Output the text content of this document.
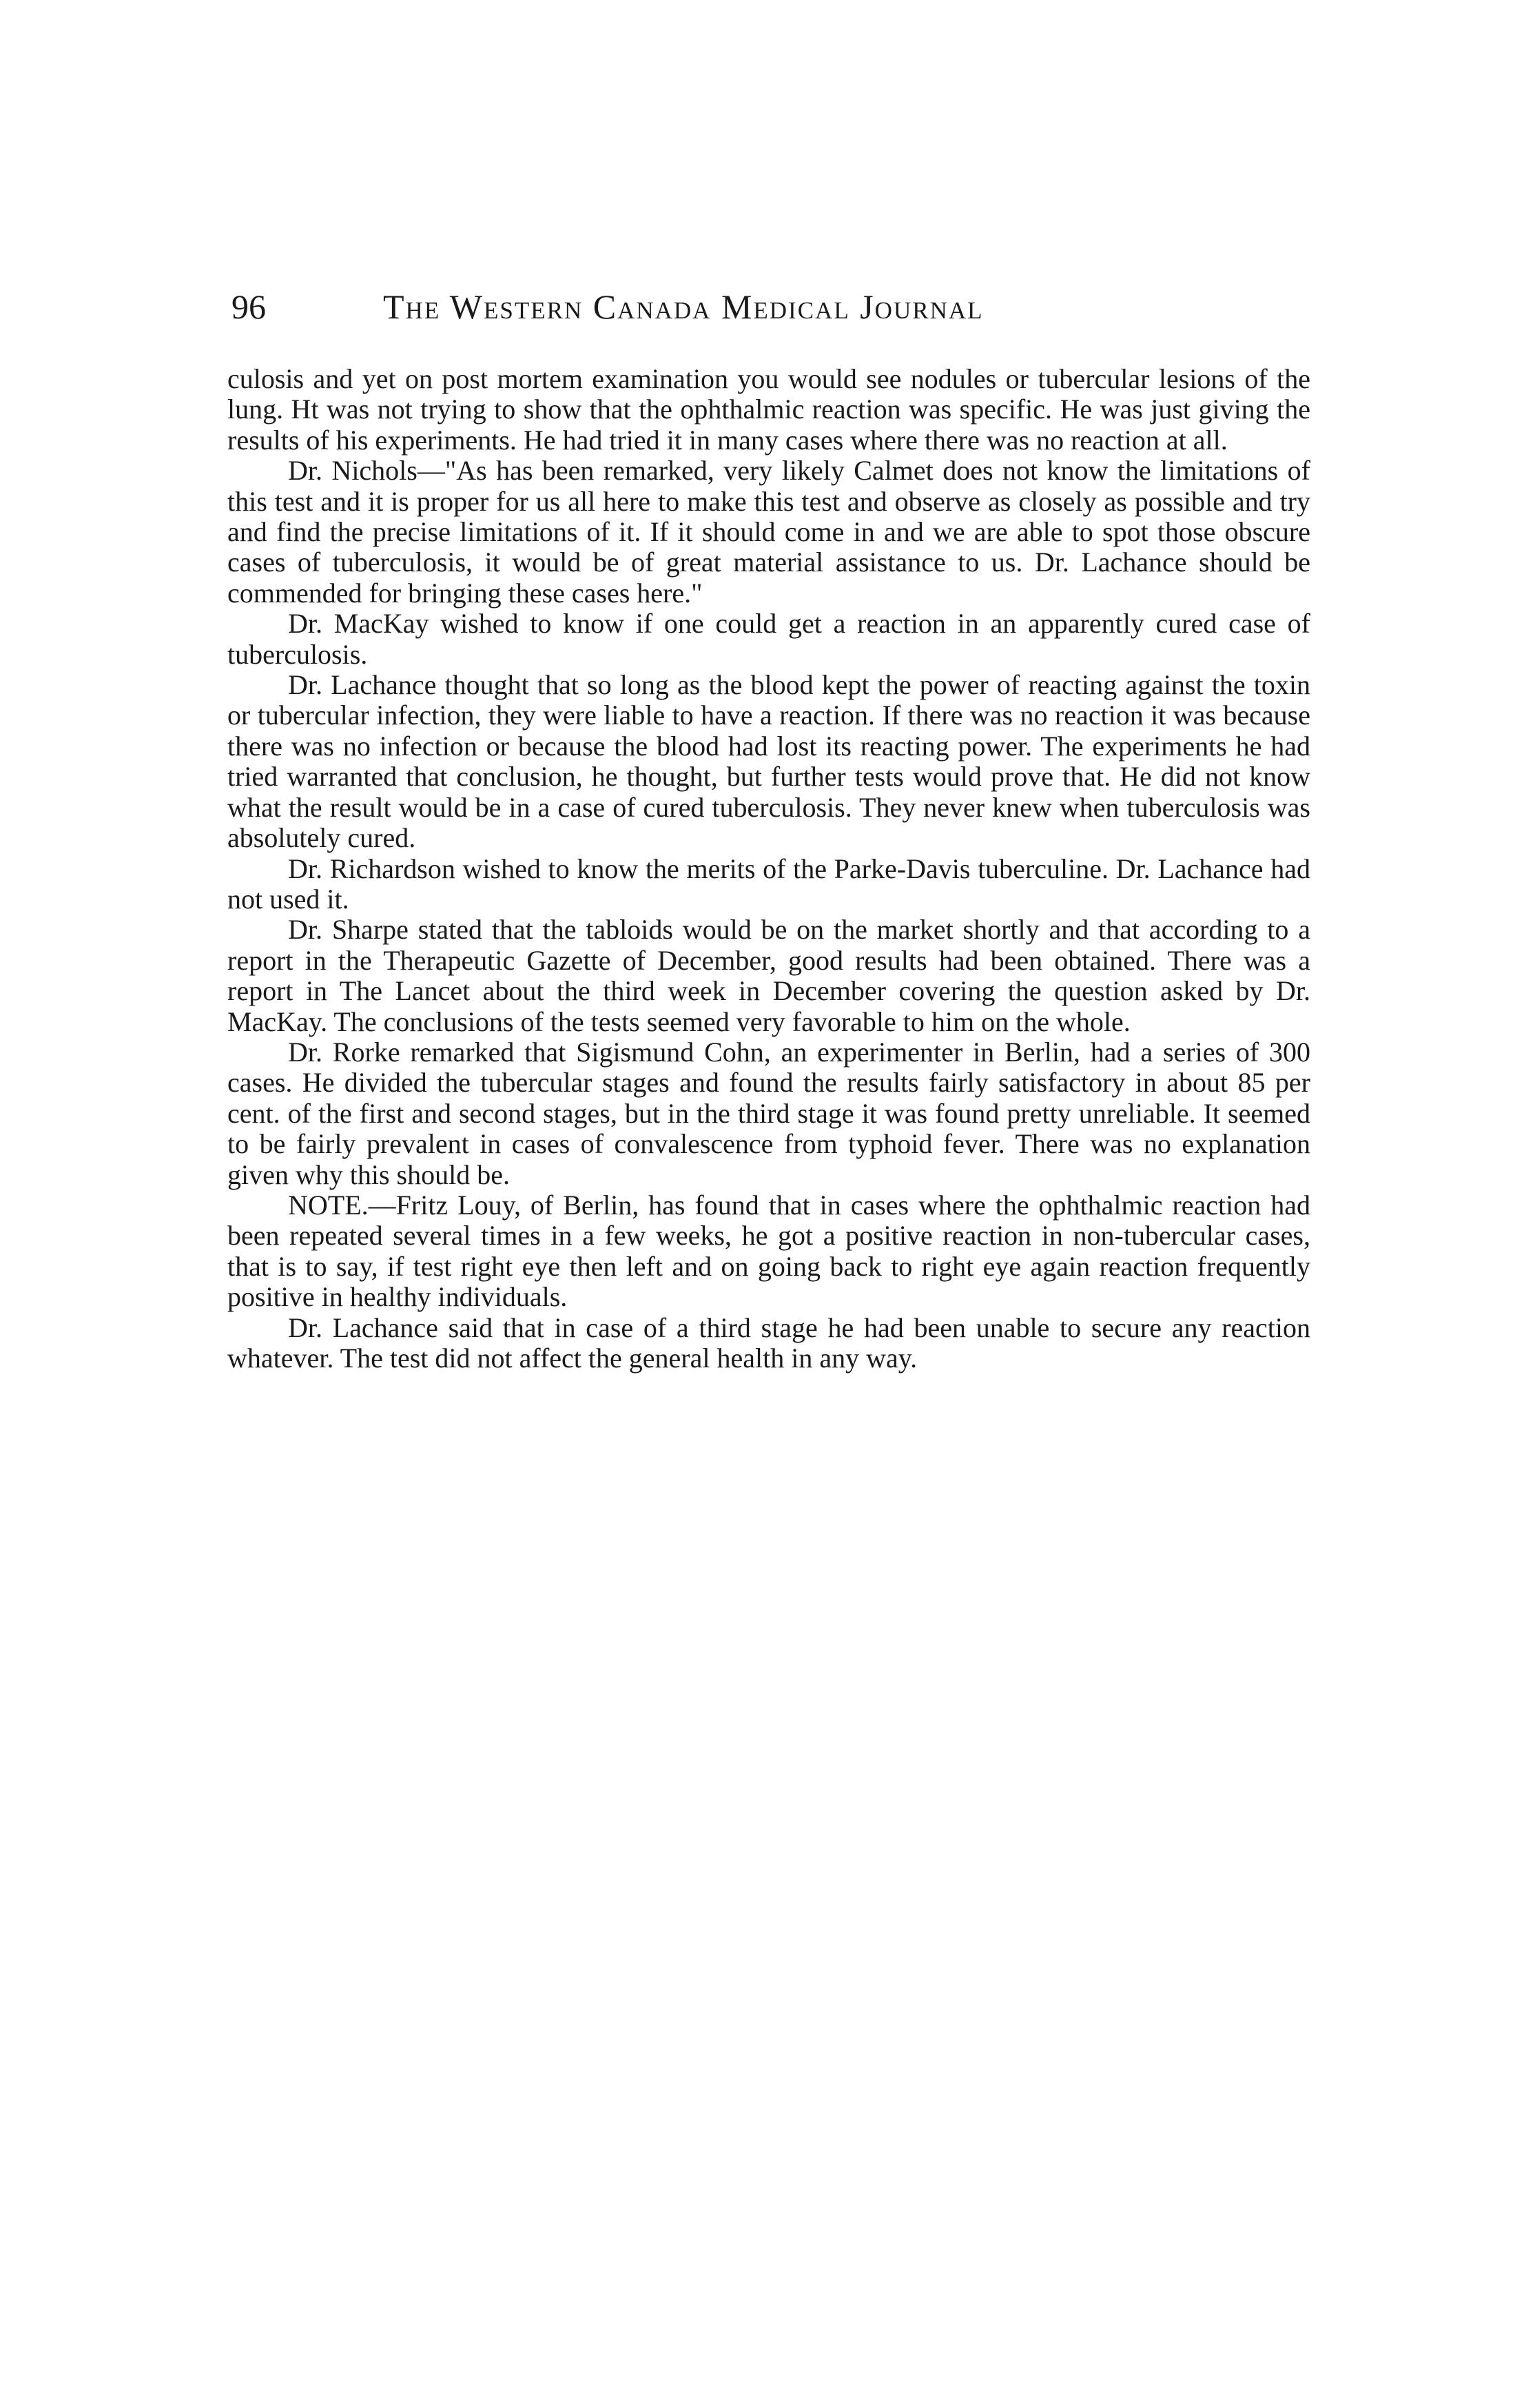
96	The Western Canada Medical Journal

culosis and yet on post mortem examination you would see nodules or tubercular lesions of the lung. Ht was not trying to show that the ophthalmic reaction was specific. He was just giving the results of his experiments. He had tried it in many cases where there was no reaction at all.

Dr. Nichols—"As has been remarked, very likely Calmet does not know the limitations of this test and it is proper for us all here to make this test and observe as closely as possible and try and find the precise limitations of it. If it should come in and we are able to spot those obscure cases of tuberculosis, it would be of great material assistance to us. Dr. Lachance should be commended for bringing these cases here."

Dr. MacKay wished to know if one could get a reaction in an apparently cured case of tuberculosis.

Dr. Lachance thought that so long as the blood kept the power of reacting against the toxin or tubercular infection, they were liable to have a reaction. If there was no reaction it was because there was no infection or because the blood had lost its reacting power. The experiments he had tried warranted that conclusion, he thought, but further tests would prove that. He did not know what the result would be in a case of cured tuberculosis. They never knew when tuberculosis was absolutely cured.

Dr. Richardson wished to know the merits of the Parke-Davis tuberculine. Dr. Lachance had not used it.

Dr. Sharpe stated that the tabloids would be on the market shortly and that according to a report in the Therapeutic Gazette of December, good results had been obtained. There was a report in The Lancet about the third week in December covering the question asked by Dr. MacKay. The conclusions of the tests seemed very favorable to him on the whole.

Dr. Rorke remarked that Sigismund Cohn, an experimenter in Berlin, had a series of 300 cases. He divided the tubercular stages and found the results fairly satisfactory in about 85 per cent. of the first and second stages, but in the third stage it was found pretty unreliable. It seemed to be fairly prevalent in cases of convalescence from typhoid fever. There was no explanation given why this should be.

NOTE.—Fritz Louy, of Berlin, has found that in cases where the ophthalmic reaction had been repeated several times in a few weeks, he got a positive reaction in non-tubercular cases, that is to say, if test right eye then left and on going back to right eye again reaction frequently positive in healthy individuals.

Dr. Lachance said that in case of a third stage he had been unable to secure any reaction whatever. The test did not affect the general health in any way.
